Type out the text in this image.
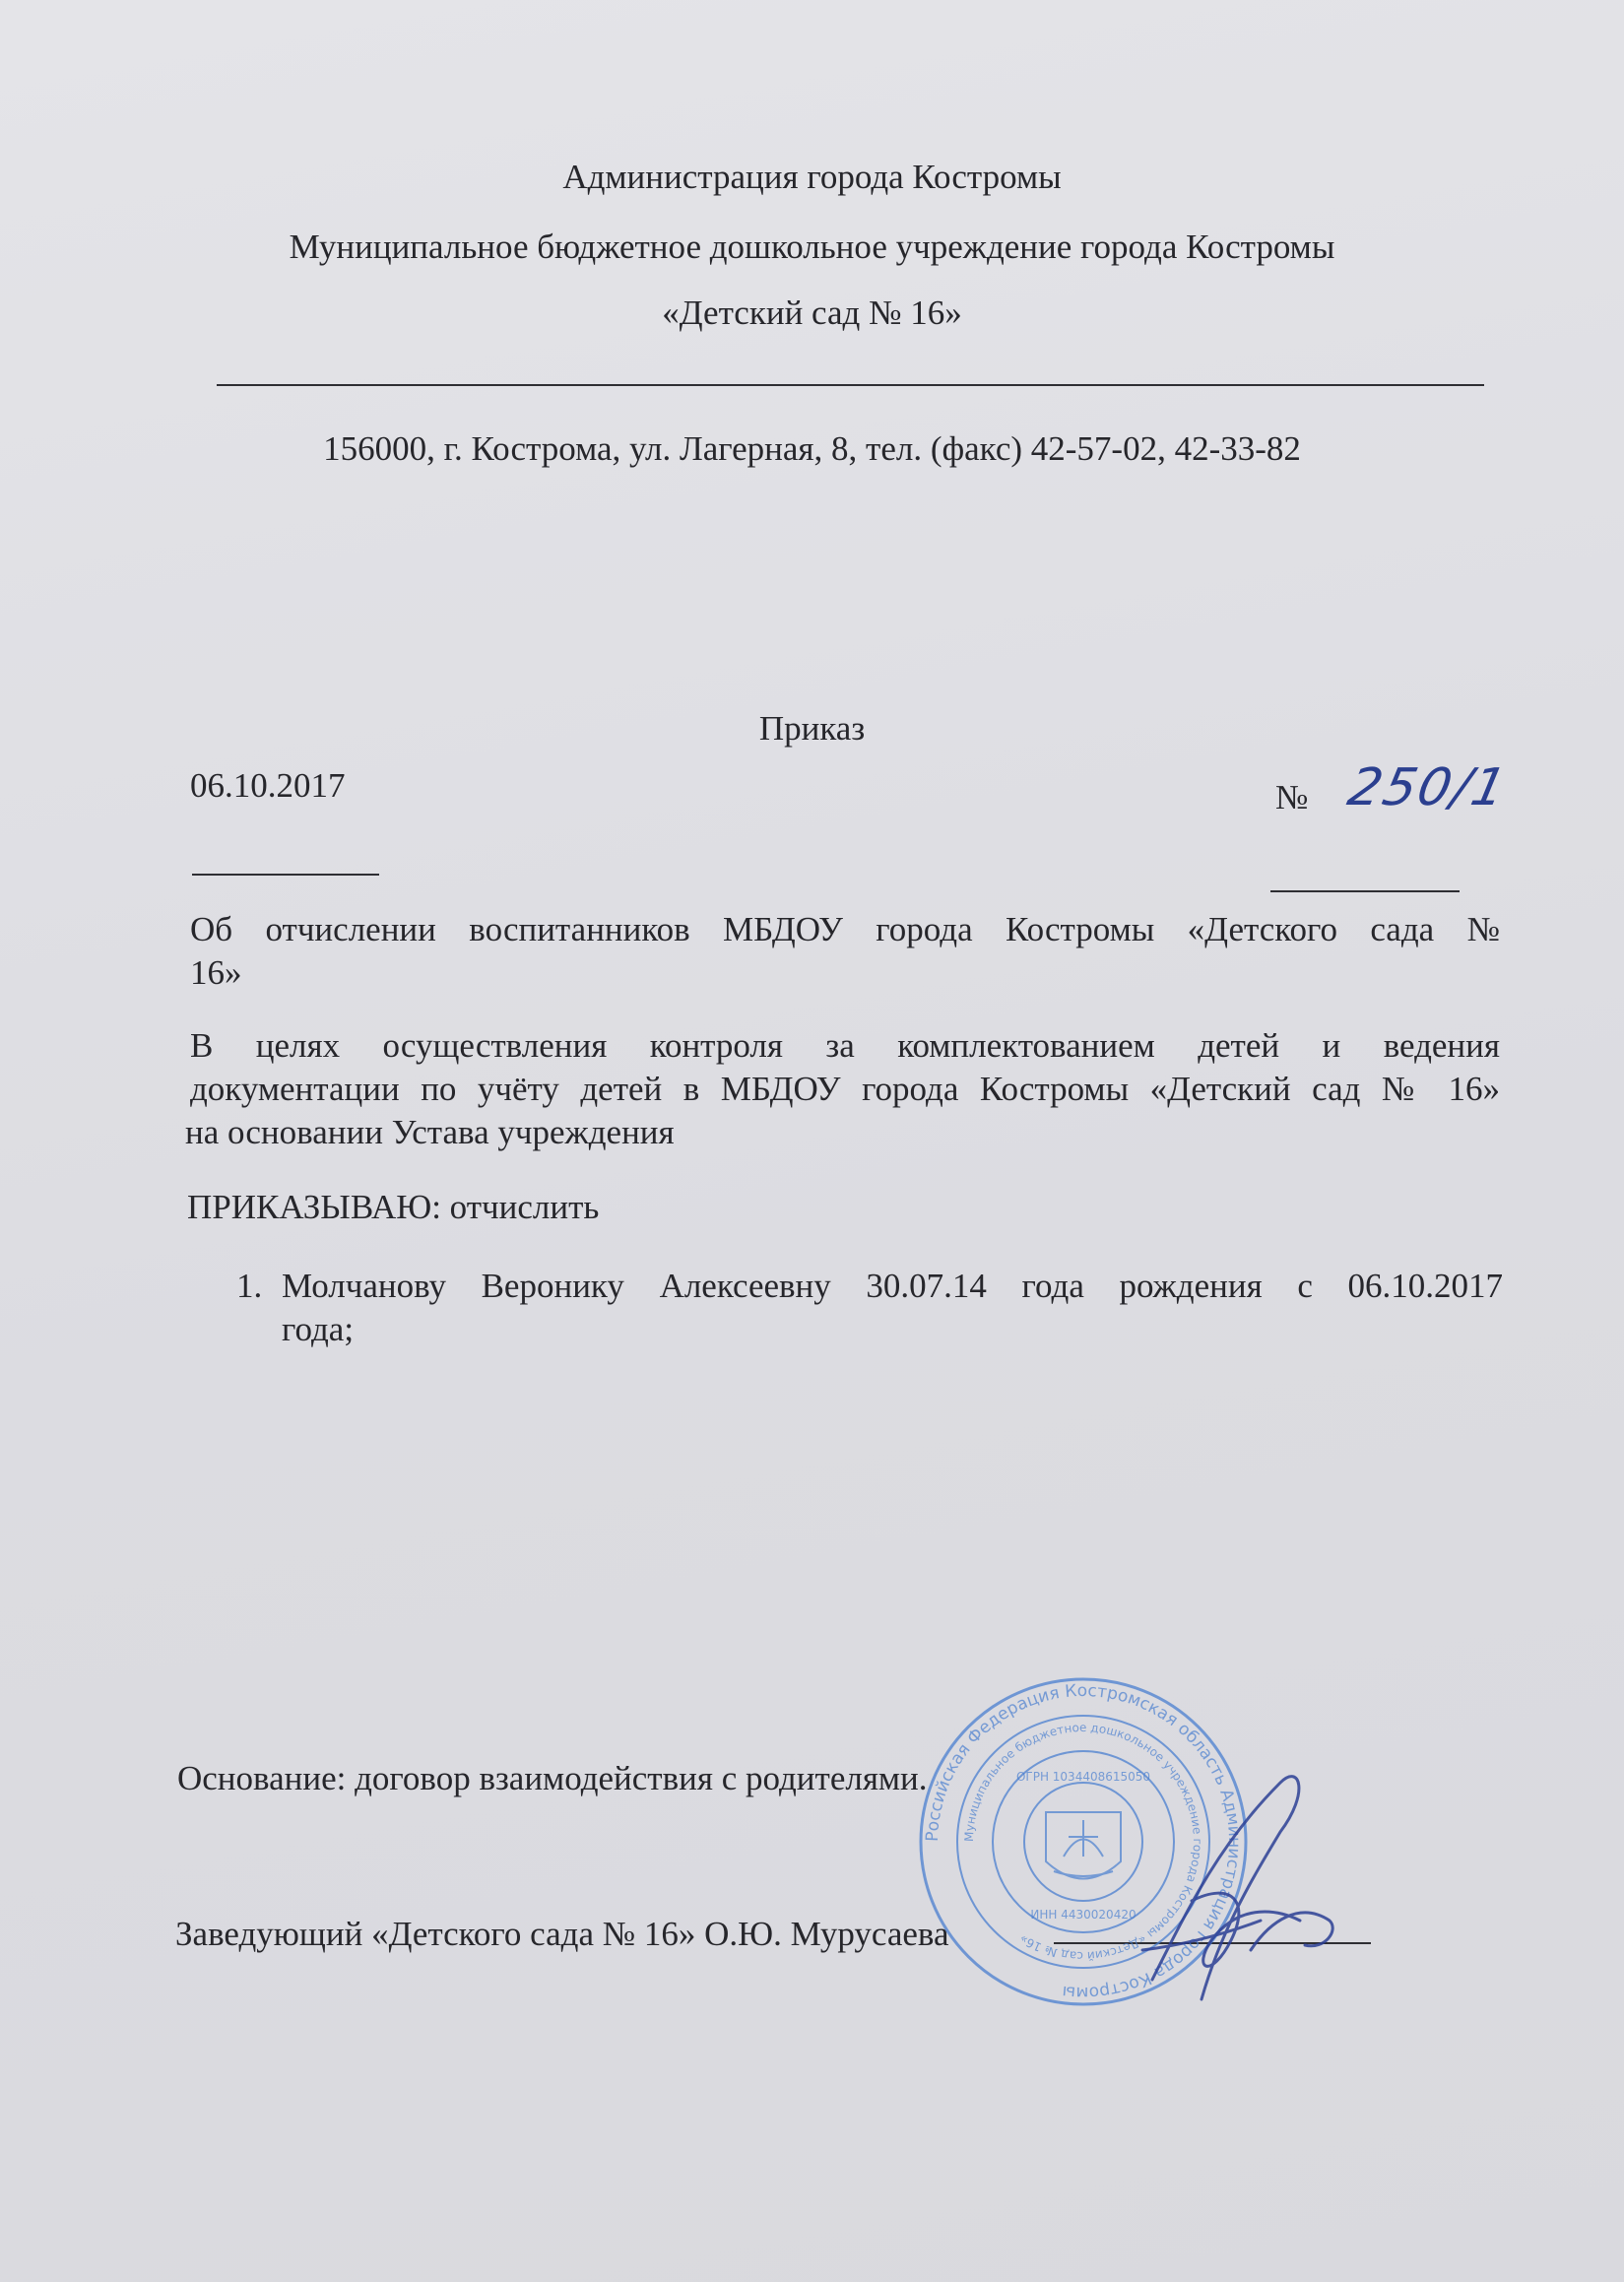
Администрация города Костромы
Муниципальное бюджетное дошкольное учреждение города Костромы
«Детский сад № 16»
156000, г. Кострома, ул. Лагерная, 8, тел. (факс) 42-57-02, 42-33-82
Приказ
06.10.2017	№ 250/1
Об отчислении воспитанников МБДОУ города Костромы «Детского сада №
16»
В целях осуществления контроля за комплектованием детей и ведения
документации по учёту детей в МБДОУ города Костромы «Детский сад № 16»
на основании Устава учреждения
ПРИКАЗЫВАЮ: отчислить
1. Молчанову Веронику Алексеевну 30.07.14 года рождения с 06.10.2017
года;
Основание: договор взаимодействия с родителями.
Заведующий «Детского сада № 16» О.Ю. Мурусаева
Российская Федерация Костромская область Администрация города Костромы
Муниципальное бюджетное дошкольное учреждение города Костромы «Детский сад № 16»
ОГРН 1034408615050
ИНН 4430020420
